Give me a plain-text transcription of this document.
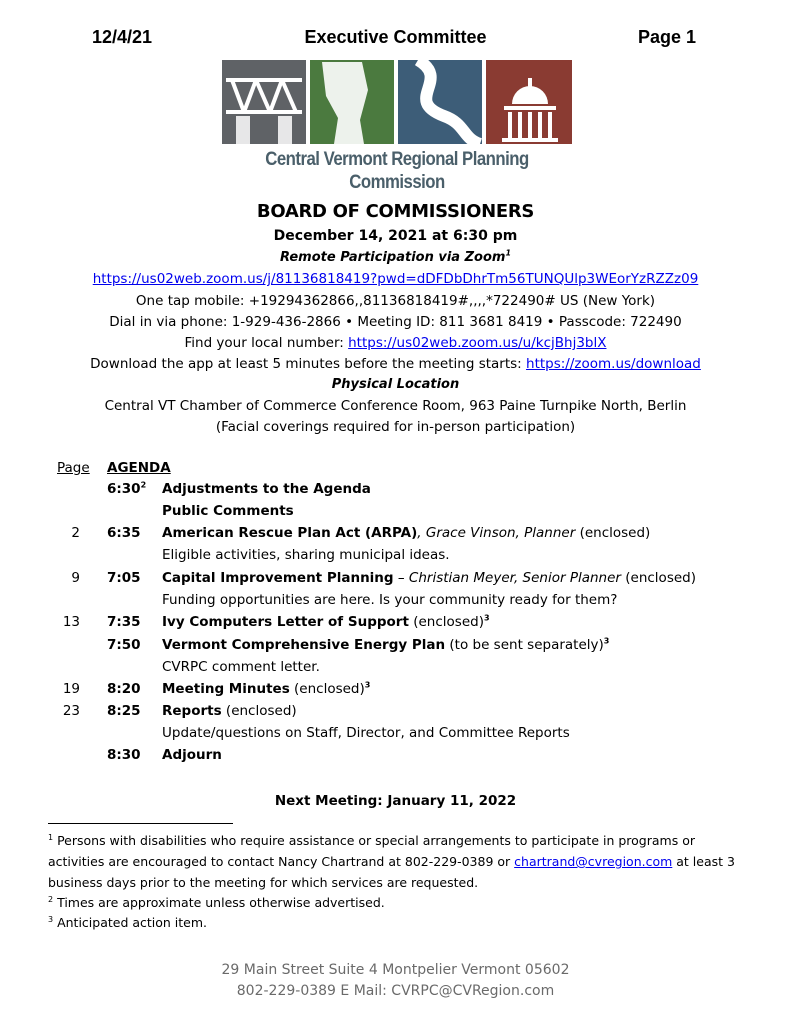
12/4/21	Executive Committee	Page 1
Central Vermont Regional Planning Commission
BOARD OF COMMISSIONERS
December 14, 2021 at 6:30 pm
Remote Participation via Zoom$^1$
https://us02web.zoom.us/j/81136818419?pwd=dDFDbDhrTm56TUNQUlp3WEorYzRZZz09
One tap mobile: +19294362866,,81136818419#,,,,*722490# US (New York)
Dial in via phone: 1-929-436-2866 • Meeting ID: 811 3681 8419 • Passcode: 722490
Find your local number: https://us02web.zoom.us/u/kcjBhj3blX
Download the app at least 5 minutes before the meeting starts: https://zoom.us/download
Physical Location
Central VT Chamber of Commerce Conference Room, 963 Paine Turnpike North, Berlin
(Facial coverings required for in-person participation)
Page AGENDA
$6:30^2$ Adjustments to the Agenda
Public Comments
2 6:35 American Rescue Plan Act (ARPA), Grace Vinson, Planner (enclosed)
Eligible activities, sharing municipal ideas.
9 7:05 Capital Improvement Planning – Christian Meyer, Senior Planner (enclosed)
Funding opportunities are here. Is your community ready for them?
13 7:35 Ivy Computers Letter of Support (enclosed)$^3$
7:50 Vermont Comprehensive Energy Plan (to be sent separately)$^3$
CVRPC comment letter.
19 8:20 Meeting Minutes (enclosed)$^3$
23 8:25 Reports (enclosed)
Update/questions on Staff, Director, and Committee Reports
8:30 Adjourn
Next Meeting: January 11, 2022
$^1$ Persons with disabilities who require assistance or special arrangements to participate in programs or
activities are encouraged to contact Nancy Chartrand at 802-229-0389 or chartrand@cvregion.com at least 3
business days prior to the meeting for which services are requested.
$^2$ Times are approximate unless otherwise advertised.
$^3$ Anticipated action item.
29 Main Street Suite 4 Montpelier Vermont 05602
802-229-0389 E Mail: CVRPC@CVRegion.com
